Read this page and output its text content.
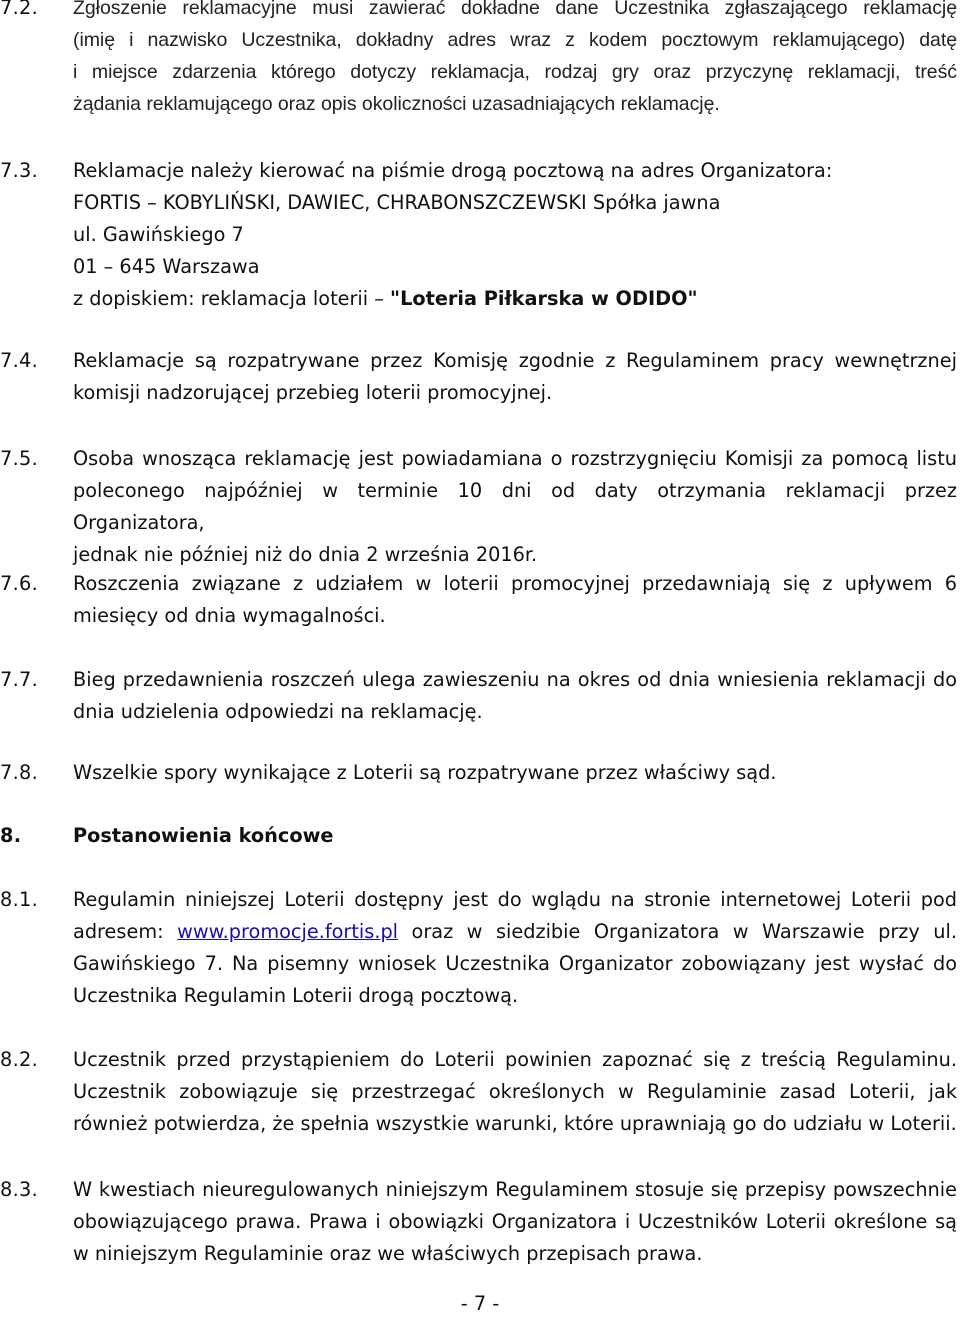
7.2.	Zgłoszenie reklamacyjne musi zawierać dokładne dane Uczestnika zgłaszającego reklamację
(imię i nazwisko Uczestnika, dokładny adres wraz z kodem pocztowym reklamującego) datę
i miejsce zdarzenia którego dotyczy reklamacja, rodzaj gry oraz przyczynę reklamacji, treść
żądania reklamującego oraz opis okoliczności uzasadniających reklamację.
7.3.	Reklamacje należy kierować na piśmie drogą pocztową na adres Organizatora:
FORTIS – KOBYLIŃSKI, DAWIEC, CHRABONSZCZEWSKI Spółka jawna
ul. Gawińskiego 7
01 – 645 Warszawa
z dopiskiem: reklamacja loterii – "Loteria Piłkarska w ODIDO"
7.4.	Reklamacje są rozpatrywane przez Komisję zgodnie z Regulaminem pracy wewnętrznej
komisji nadzorującej przebieg loterii promocyjnej.
7.5.	Osoba wnosząca reklamację jest powiadamiana o rozstrzygnięciu Komisji za pomocą listu
poleconego najpóźniej w terminie 10 dni od daty otrzymania reklamacji przez Organizatora,
jednak nie później niż do dnia 2 września 2016r.
7.6.	Roszczenia związane z udziałem w loterii promocyjnej przedawniają się z upływem 6
miesięcy od dnia wymagalności.
7.7.	Bieg przedawnienia roszczeń ulega zawieszeniu na okres od dnia wniesienia reklamacji do
dnia udzielenia odpowiedzi na reklamację.
7.8.	Wszelkie spory wynikające z Loterii są rozpatrywane przez właściwy sąd.
8.	Postanowienia końcowe
8.1.	Regulamin niniejszej Loterii dostępny jest do wglądu na stronie internetowej Loterii pod
adresem: www.promocje.fortis.pl oraz w siedzibie Organizatora w Warszawie przy ul.
Gawińskiego 7. Na pisemny wniosek Uczestnika Organizator zobowiązany jest wysłać do
Uczestnika Regulamin Loterii drogą pocztową.
8.2.	Uczestnik przed przystąpieniem do Loterii powinien zapoznać się z treścią Regulaminu.
Uczestnik zobowiązuje się przestrzegać określonych w Regulaminie zasad Loterii, jak
również potwierdza, że spełnia wszystkie warunki, które uprawniają go do udziału w Loterii.
8.3.	W kwestiach nieuregulowanych niniejszym Regulaminem stosuje się przepisy powszechnie
obowiązującego prawa. Prawa i obowiązki Organizatora i Uczestników Loterii określone są
w niniejszym Regulaminie oraz we właściwych przepisach prawa.
- 7 -
